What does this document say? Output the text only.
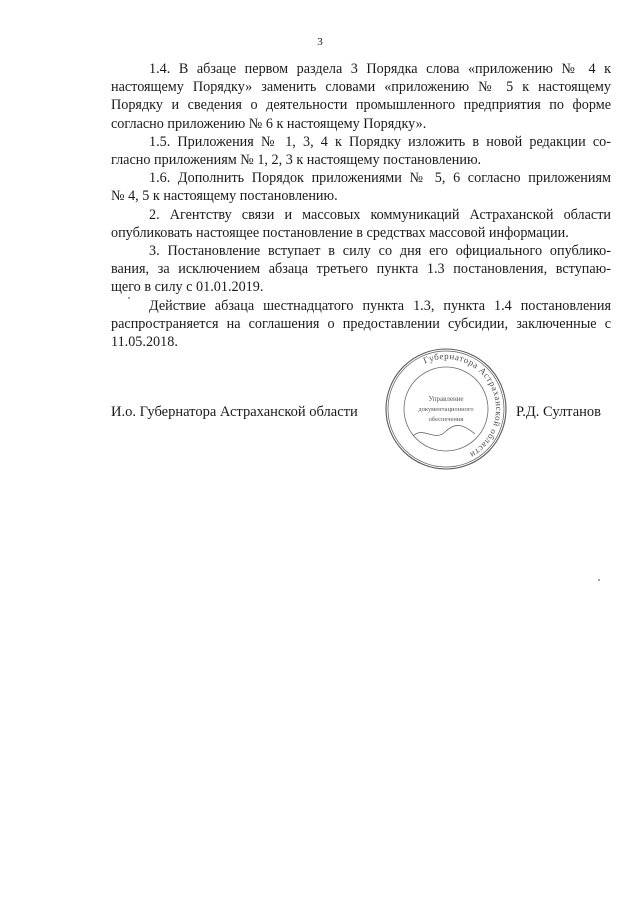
3
1.4. В абзаце первом раздела 3 Порядка слова «приложению № 4 к
настоящему Порядку» заменить словами «приложению № 5 к настоящему
Порядку и сведения о деятельности промышленного предприятия по форме
согласно приложению № 6 к настоящему Порядку».
1.5. Приложения № 1, 3, 4 к Порядку изложить в новой редакции со-
гласно приложениям № 1, 2, 3 к настоящему постановлению.
1.6. Дополнить Порядок приложениями № 5, 6 согласно приложениям
№ 4, 5 к настоящему постановлению.
2. Агентству связи и массовых коммуникаций Астраханской области
опубликовать настоящее постановление в средствах массовой информации.
3. Постановление вступает в силу со дня его официального опублико-
вания, за исключением абзаца третьего пункта 1.3 постановления, вступаю-
щего в силу с 01.01.2019.
Действие абзаца шестнадцатого пункта 1.3, пункта 1.4 постановления
распространяется на соглашения о предоставлении субсидии, заключенные с
11.05.2018.
И.о. Губернатора Астраханской области	Р.Д. Султанов
Губернатора Астраханской области
Управление
документационного
обеспечения
